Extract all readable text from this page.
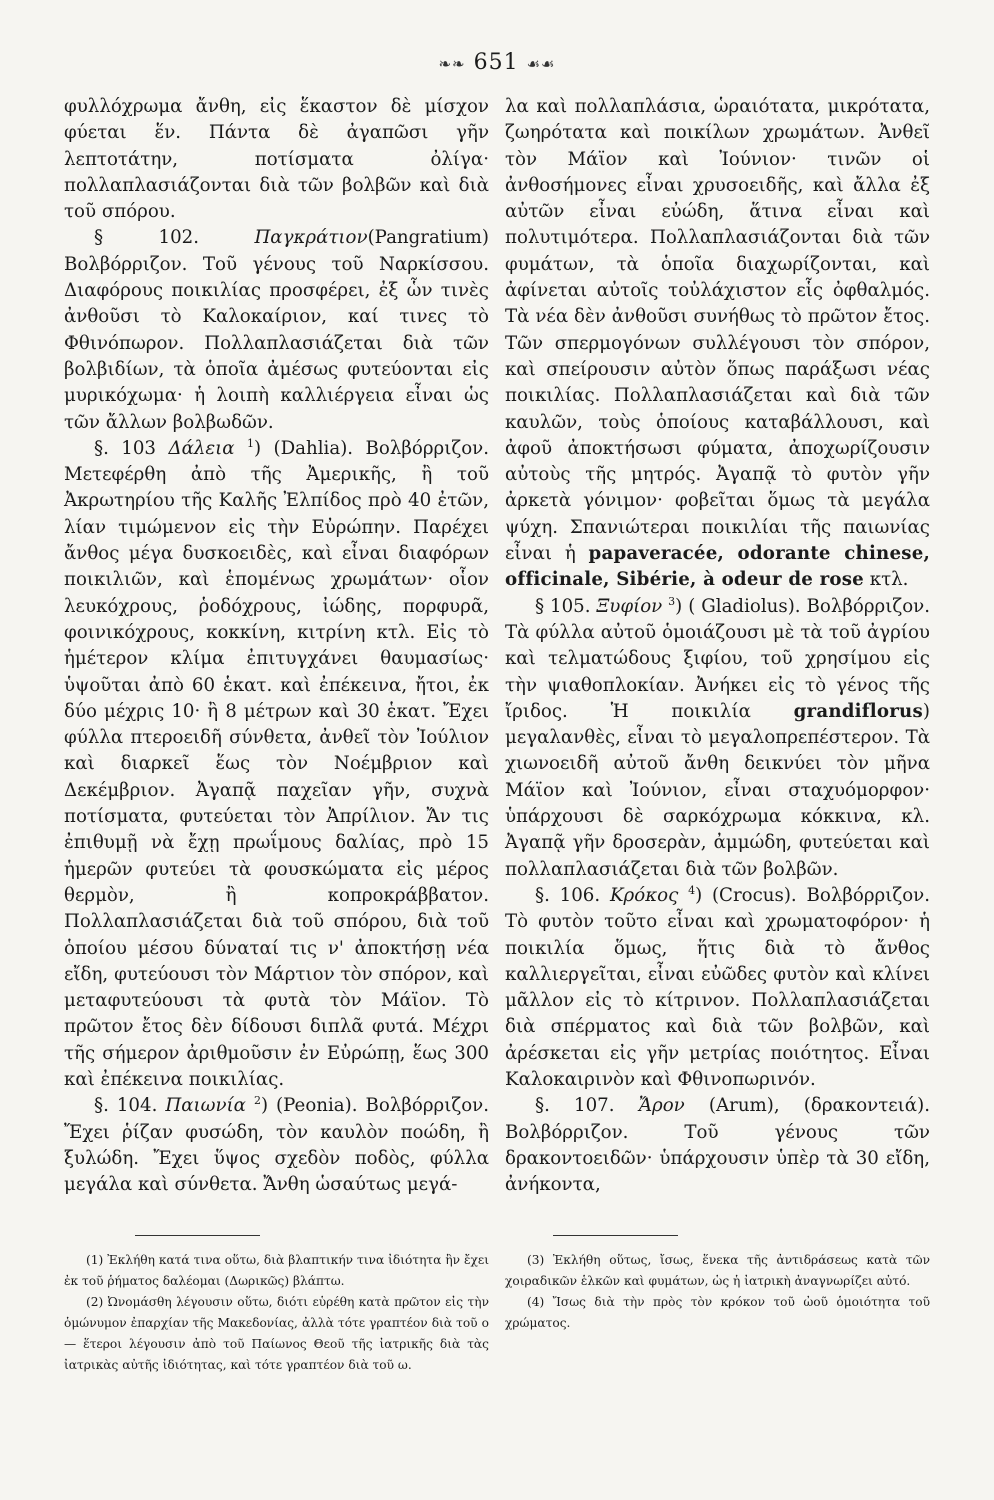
❧❧ 651 ☙☙

φυλλόχρωμα ἄνθη, εἰς ἕκαστον δὲ μίσχον φύεται ἕν. Πάντα δὲ ἀγαπῶσι γῆν λεπτοτάτην, ποτίσματα ὀλίγα· πολλαπλασιάζονται διὰ τῶν βολβῶν καὶ διὰ τοῦ σπόρου.

§ 102.	Παγκράτιον(Pangratium) Βολβόρριζον. Τοῦ γένους τοῦ Ναρκίσσου. Διαφόρους ποικιλίας προσφέρει, ἐξ ὧν τινὲς ἀνθοῦσι τὸ Καλοκαίριον, καί τινες τὸ Φθινόπωρον. Πολλαπλασιάζεται διὰ τῶν βολβιδίων, τὰ ὁποῖα ἀμέσως φυτεύονται εἰς μυρικόχωμα· ἡ λοιπὴ καλλιέργεια εἶναι ὡς τῶν ἄλλων βολβωδῶν.

§. 103 Δάλεια $^1$) (Dahlia). Βολβόρριζον. Μετεφέρθη ἀπὸ τῆς Ἀμερικῆς, ἢ τοῦ Ἀκρωτηρίου τῆς Καλῆς Ἐλπίδος πρὸ 40 ἐτῶν, λίαν τιμώμενον εἰς τὴν Εὐρώπην. Παρέχει ἄνθος μέγα δυσκοειδὲς, καὶ εἶναι διαφόρων ποικιλιῶν, καὶ ἑπομένως χρωμάτων· οἷον λευκόχρους, ῥοδόχρους, ἰώδης, πορφυρᾶ, φοινικόχρους, κοκκίνη, κιτρίνη κτλ. Εἰς τὸ ἡμέτερον κλίμα ἐπιτυγχάνει θαυμασίως· ὑψοῦται ἀπὸ 60 ἑκατ. καὶ ἐπέκεινα, ἤτοι, ἐκ δύο μέχρις 10· ἢ 8 μέτρων καὶ 30 ἑκατ. Ἔχει φύλλα πτεροειδῆ σύνθετα, ἀνθεῖ τὸν Ἰούλιον καὶ διαρκεῖ ἕως τὸν Νοέμβριον καὶ Δεκέμβριον. Ἀγαπᾷ παχεῖαν γῆν, συχνὰ ποτίσματα, φυτεύεται τὸν Ἀπρίλιον. Ἄν τις ἐπιθυμῇ νὰ ἔχῃ πρωΐμους δαλίας, πρὸ 15 ἡμερῶν φυτεύει τὰ φουσκώματα εἰς μέρος θερμὸν, ἢ κοπροκράββατον. Πολλαπλασιάζεται διὰ τοῦ σπόρου, διὰ τοῦ ὁποίου μέσου δύναταί τις ν' ἀποκτήσῃ νέα εἴδη, φυτεύουσι τὸν Μάρτιον τὸν σπόρον, καὶ μεταφυτεύουσι τὰ φυτὰ τὸν Μάϊον. Τὸ πρῶτον ἔτος δὲν δίδουσι διπλᾶ φυτά. Μέχρι τῆς σήμερον ἀριθμοῦσιν ἐν Εὐρώπῃ, ἕως 300 καὶ ἐπέκεινα ποικιλίας.

§. 104. Παιωνία $^2$) (Peonia). Βολβόρριζον. Ἔχει ῥίζαν φυσώδη, τὸν καυλὸν ποώδη, ἢ ξυλώδη. Ἔχει ὕψος σχεδὸν ποδὸς, φύλλα μεγάλα καὶ σύνθετα. Ἄνθη ὡσαύτως μεγά-

λα καὶ πολλαπλάσια, ὡραιότατα, μικρότατα, ζωηρότατα καὶ ποικίλων χρωμάτων. Ἀνθεῖ τὸν Μάϊον καὶ Ἰούνιον· τινῶν οἱ ἀνθοσήμονες εἶναι χρυσοειδῆς, καὶ ἄλλα ἐξ αὐτῶν εἶναι εὐώδη, ἅτινα εἶναι καὶ πολυτιμότερα. Πολλαπλασιάζονται διὰ τῶν φυμάτων, τὰ ὁποῖα διαχωρίζονται, καὶ ἀφίνεται αὐτοῖς τοὐλάχιστον εἷς ὀφθαλμός. Τὰ νέα δὲν ἀνθοῦσι συνήθως τὸ πρῶτον ἔτος. Τῶν σπερμογόνων συλλέγουσι τὸν σπόρον, καὶ σπείρουσιν αὐτὸν ὅπως παράξωσι νέας ποικιλίας. Πολλαπλασιάζεται καὶ διὰ τῶν καυλῶν, τοὺς ὁποίους καταβάλλουσι, καὶ ἀφοῦ ἀποκτήσωσι φύματα, ἀποχωρίζουσιν αὐτοὺς τῆς μητρός. Ἀγαπᾷ τὸ φυτὸν γῆν ἀρκετὰ γόνιμον· φοβεῖται ὅμως τὰ μεγάλα ψύχη. Σπανιώτεραι ποικιλίαι τῆς παιωνίας εἶναι ἡ papaveracée, odorante chinese, officinale, Sibérie, à odeur de rose κτλ.

§ 105. Ξυφίον $^3$) ( Gladiolus). Βολβόρριζον. Τὰ φύλλα αὐτοῦ ὁμοιάζουσι μὲ τὰ τοῦ ἀγρίου καὶ τελματώδους ξιφίου, τοῦ χρησίμου εἰς τὴν ψιαθοπλοκίαν. Ἀνήκει εἰς τὸ γένος τῆς ἴριδος. Ἡ ποικιλία grandiflorus) μεγαλανθὲς, εἶναι τὸ μεγαλοπρεπέστερον. Τὰ χιωνοειδῆ αὐτοῦ ἄνθη δεικνύει τὸν μῆνα Μάϊον καὶ Ἰούνιον, εἶναι σταχυόμορφον· ὑπάρχουσι δὲ σαρκόχρωμα κόκκινα, κλ. Ἀγαπᾷ γῆν δροσερὰν, ἀμμώδη, φυτεύεται καὶ πολλαπλασιάζεται διὰ τῶν βολβῶν.

§. 106. Κρόκος $^4$) (Crocus). Βολβόρριζον. Τὸ φυτὸν τοῦτο εἶναι καὶ χρωματοφόρον· ἡ ποικιλία ὅμως, ἥτις διὰ τὸ ἄνθος καλλιεργεῖται, εἶναι εὐῶδες φυτὸν καὶ κλίνει μᾶλλον εἰς τὸ κίτρινον. Πολλαπλασιάζεται διὰ σπέρματος καὶ διὰ τῶν βολβῶν, καὶ ἀρέσκεται εἰς γῆν μετρίας ποιότητος. Εἶναι Καλοκαιρινὸν καὶ Φθινοπωρινόν.

§. 107. Ἄρον (Arum), (δρακοντειά). Βολβόρριζον. Τοῦ γένους τῶν δρακοντοειδῶν· ὑπάρχουσιν ὑπὲρ τὰ 30 εἴδη, ἀνήκοντα,

(1) Ἐκλήθη κατά τινα οὕτω, διὰ βλαπτικήν τινα ἰδιότητα ἣν ἔχει ἐκ τοῦ ῥήματος δαλέομαι (Δωρικῶς) βλάπτω.

(2) Ὠνομάσθη λέγουσιν οὕτω, διότι εὑρέθη κατὰ πρῶτον εἰς τὴν ὁμώνυμον ἐπαρχίαν τῆς Μακεδονίας, ἀλλὰ τότε γραπτέον διὰ τοῦ ο — ἕτεροι λέγουσιν ἀπὸ τοῦ Παίωνος Θεοῦ τῆς ἰατρικῆς διὰ τὰς ἰατρικὰς αὐτῆς ἰδιότητας, καὶ τότε γραπτέον διὰ τοῦ ω.

(3) Ἐκλήθη οὕτως, ἴσως, ἕνεκα τῆς ἀντιδράσεως κατὰ τῶν χοιραδικῶν ἑλκῶν καὶ φυμάτων, ὡς ἡ ἰατρικὴ ἀναγνωρίζει αὐτό.

(4) Ἴσως διὰ τὴν πρὸς τὸν κρόκον τοῦ ὠοῦ ὁμοιότητα τοῦ χρώματος.
